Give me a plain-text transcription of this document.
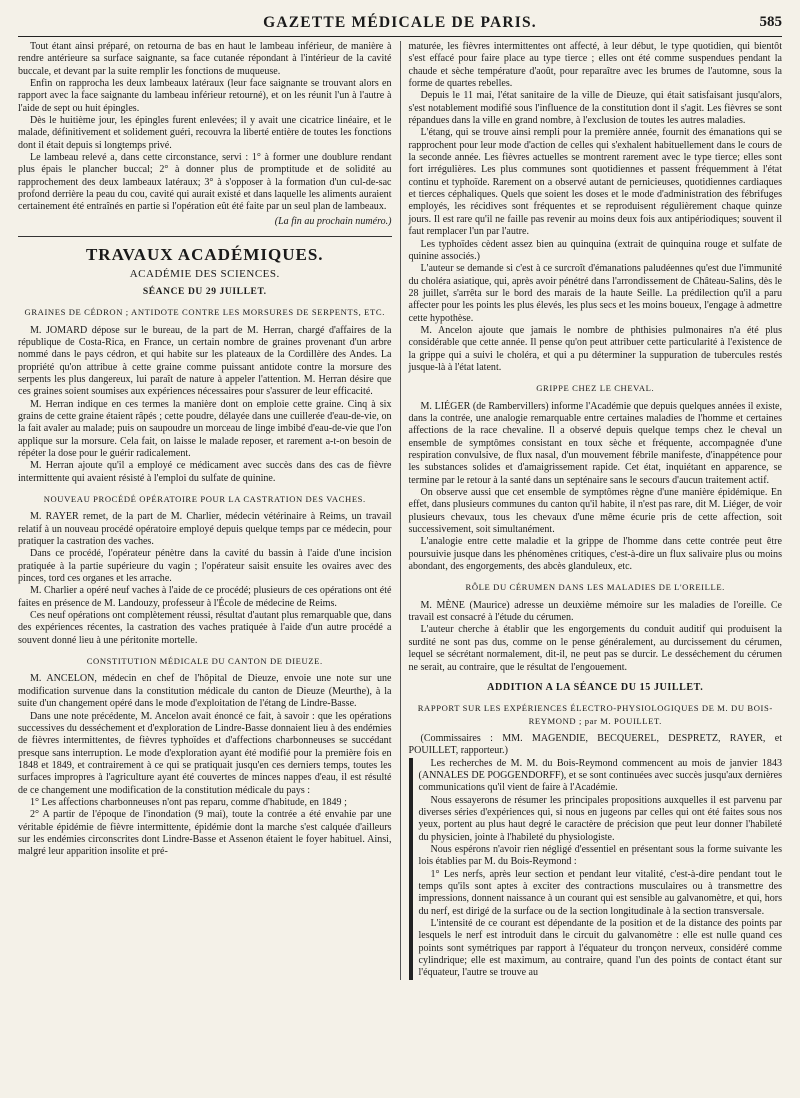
GAZETTE MÉDICALE DE PARIS.	585

Tout étant ainsi préparé, on retourna de bas en haut le lambeau inférieur, de manière à rendre antérieure sa surface saignante, sa face cutanée répondant à l'intérieur de la cavité buccale, et devant par la suite remplir les fonctions de muqueuse.

Enfin on rapprocha les deux lambeaux latéraux (leur face saignante se trouvant alors en rapport avec la face saignante du lambeau inférieur retourné), et on les réunit l'un à l'autre à l'aide de sept ou huit épingles.

Dès le huitième jour, les épingles furent enlevées; il y avait une cicatrice linéaire, et le malade, définitivement et solidement guéri, recouvra la liberté entière de toutes les fonctions dont il était depuis si longtemps privé.

Le lambeau relevé a, dans cette circonstance, servi : 1° à former une doublure rendant plus épais le plancher buccal; 2° à donner plus de promptitude et de solidité au rapprochement des deux lambeaux latéraux; 3° à s'opposer à la formation d'un cul-de-sac profond derrière la peau du cou, cavité qui aurait existé et dans laquelle les aliments auraient certainement été entraînés en partie si l'opération eût été faite par un seul plan de lambeaux.

(La fin au prochain numéro.)
TRAVAUX ACADÉMIQUES.
ACADÉMIE DES SCIENCES.
SÉANCE DU 29 JUILLET.
GRAINES DE CÉDRON ; ANTIDOTE CONTRE LES MORSURES DE SERPENTS, ETC.

M. JOMARD dépose sur le bureau, de la part de M. Herran, chargé d'affaires de la république de Costa-Rica, en France, un certain nombre de graines provenant d'un arbre nommé dans le pays cédron, et qui habite sur les plateaux de la Cordillère des Andes. La propriété qu'on attribue à cette graine comme puissant antidote contre la morsure des serpents les plus dangereux, lui paraît de nature à appeler l'attention. M. Herran désire que ces graines soient soumises aux expériences nécessaires pour s'assurer de leur efficacité.

M. Herran indique en ces termes la manière dont on emploie cette graine. Cinq à six grains de cette graine étaient râpés ; cette poudre, délayée dans une cuillerée d'eau-de-vie, on la fait avaler au malade; puis on saupoudre un morceau de linge imbibé d'eau-de-vie que l'on applique sur la morsure. Cela fait, on laisse le malade reposer, et rarement a-t-on besoin de répéter la dose pour le guérir radicalement.

M. Herran ajoute qu'il a employé ce médicament avec succès dans des cas de fièvre intermittente qui avaient résisté à l'emploi du sulfate de quinine.

NOUVEAU PROCÉDÉ OPÉRATOIRE POUR LA CASTRATION DES VACHES.

M. RAYER remet, de la part de M. Charlier, médecin vétérinaire à Reims, un travail relatif à un nouveau procédé opératoire employé depuis quelque temps par ce médecin, pour pratiquer la castration des vaches.

Dans ce procédé, l'opérateur pénètre dans la cavité du bassin à l'aide d'une incision pratiquée à la partie supérieure du vagin ; l'opérateur saisit ensuite les ovaires avec des pinces, tord ces organes et les arrache.

M. Charlier a opéré neuf vaches à l'aide de ce procédé; plusieurs de ces opérations ont été faites en présence de M. Landouzy, professeur à l'École de médecine de Reims.

Ces neuf opérations ont complètement réussi, résultat d'autant plus remarquable que, dans des expériences récentes, la castration des vaches pratiquée à l'aide d'un autre procédé a souvent donné lieu à une péritonite mortelle.

CONSTITUTION MÉDICALE DU CANTON DE DIEUZE.

M. ANCELON, médecin en chef de l'hôpital de Dieuze, envoie une note sur une modification survenue dans la constitution médicale du canton de Dieuze (Meurthe), à la suite d'un changement opéré dans le mode d'exploitation de l'étang de Lindre-Basse.

Dans une note précédente, M. Ancelon avait énoncé ce fait, à savoir : que les opérations successives du desséchement et d'exploration de Lindre-Basse donnaient lieu à des endémies de fièvres intermittentes, de fièvres typhoïdes et d'affections charbonneuses se succédant presque sans interruption. Le mode d'exploration ayant été modifié pour la première fois en 1848 et 1849, et contrairement à ce qui se pratiquait jusqu'en ces derniers temps, toutes les surfaces impropres à l'agriculture ayant été couvertes de minces nappes d'eau, il est résulté de ce changement une modification de la constitution médicale du pays :

1° Les affections charbonneuses n'ont pas reparu, comme d'habitude, en 1849 ;

2° A partir de l'époque de l'inondation (9 mai), toute la contrée a été envahie par une véritable épidémie de fièvre intermittente, épidémie dont la marche s'est calquée d'ailleurs sur les endémies circonscrites dont Lindre-Basse et Assenon étaient le foyer habituel. Ainsi, malgré leur apparition insolite et pré-

maturée, les fièvres intermittentes ont affecté, à leur début, le type quotidien, qui bientôt s'est effacé pour faire place au type tierce ; elles ont été comme suspendues pendant la chaude et sèche température d'août, pour reparaître avec les brumes de l'automne, sous la forme de quartes rebelles.

Depuis le 11 mai, l'état sanitaire de la ville de Dieuze, qui était satisfaisant jusqu'alors, s'est notablement modifié sous l'influence de la constitution dont il s'agit. Les fièvres se sont répandues dans la ville en grand nombre, à l'exclusion de toutes les autres maladies.

L'étang, qui se trouve ainsi rempli pour la première année, fournit des émanations qui se rapprochent pour leur mode d'action de celles qui s'exhalent habituellement dans le cours de la seconde année. Les fièvres actuelles se montrent rarement avec le type tierce; elles sont fort irrégulières. Les plus communes sont quotidiennes et passent fréquemment à l'état continu et typhoïde. Rarement on a observé autant de pernicieuses, quotidiennes cardiaques et tierces céphaliques. Quels que soient les doses et le mode d'administration des fébrifuges employés, les récidives sont fréquentes et se reproduisent régulièrement chaque quinze jours. Il est rare qu'il ne faille pas revenir au moins deux fois aux antipériodiques; souvent il faut remplacer l'un par l'autre.

Les typhoïdes cèdent assez bien au quinquina (extrait de quinquina rouge et sulfate de quinine associés.)

L'auteur se demande si c'est à ce surcroît d'émanations paludéennes qu'est due l'immunité du choléra asiatique, qui, après avoir pénétré dans l'arrondissement de Château-Salins, dès le 28 juillet, s'arrêta sur le bord des marais de la haute Seille. La prédilection qu'il a paru affecter pour les points les plus élevés, les plus secs et les moins boueux, l'engage à admettre cette hypothèse.

M. Ancelon ajoute que jamais le nombre de phthisies pulmonaires n'a été plus considérable que cette année. Il pense qu'on peut attribuer cette particularité à l'existence de la grippe qui a suivi le choléra, et qui a pu déterminer la suppuration de tubercules restés jusque-là à l'état latent.

GRIPPE CHEZ LE CHEVAL.

M. LIÉGER (de Rambervillers) informe l'Académie que depuis quelques années il existe, dans la contrée, une analogie remarquable entre certaines maladies de l'homme et certaines affections de la race chevaline. Il a observé depuis quelque temps chez le cheval un ensemble de symptômes consistant en toux sèche et fréquente, accompagnée d'une respiration convulsive, de flux nasal, d'un mouvement fébrile manifeste, d'inappétence pour les substances solides et d'amaigrissement rapide. Cet état, inquiétant en apparence, se termine par le retour à la santé dans un septénaire sans le secours d'aucun traitement actif.

On observe aussi que cet ensemble de symptômes règne d'une manière épidémique. En effet, dans plusieurs communes du canton qu'il habite, il n'est pas rare, dit M. Liéger, de voir plusieurs chevaux, tous les chevaux d'une même écurie pris de cette affection, soit successivement, soit simultanément.

L'analogie entre cette maladie et la grippe de l'homme dans cette contrée peut être poursuivie jusque dans les phénomènes critiques, c'est-à-dire un flux salivaire plus ou moins abondant, des engorgements, des abcès glanduleux, etc.

RÔLE DU CÉRUMEN DANS LES MALADIES DE L'OREILLE.

M. MÈNE (Maurice) adresse un deuxième mémoire sur les maladies de l'oreille. Ce travail est consacré à l'étude du cérumen.

L'auteur cherche à établir que les engorgements du conduit auditif qui produisent la surdité ne sont pas dus, comme on le pense généralement, au durcissement du cérumen, lequel se sécrétant normalement, dit-il, ne peut pas se durcir. Le desséchement du cérumen ne serait, au contraire, que le résultat de l'engouement.

ADDITION A LA SÉANCE DU 15 JUILLET.
RAPPORT SUR LES EXPÉRIENCES ÉLECTRO-PHYSIOLOGIQUES DE M. DU BOIS-REYMOND ; par M. POUILLET.

(Commissaires : MM. MAGENDIE, BECQUEREL, DESPRETZ, RAYER, et POUILLET, rapporteur.)

Les recherches de M. M. du Bois-Reymond commencent au mois de janvier 1843 (ANNALES DE POGGENDORFF), et se sont continuées avec succès jusqu'aux dernières communications qu'il vient de faire à l'Académie.

Nous essayerons de résumer les principales propositions auxquelles il est parvenu par diverses séries d'expériences qui, si nous en jugeons par celles qui ont été faites sous nos yeux, portent au plus haut degré le caractère de précision que peut leur donner l'habileté du physicien, jointe à l'habileté du physiologiste.

Nous espérons n'avoir rien négligé d'essentiel en présentant sous la forme suivante les lois établies par M. du Bois-Reymond :

1° Les nerfs, après leur section et pendant leur vitalité, c'est-à-dire pendant tout le temps qu'ils sont aptes à exciter des contractions musculaires ou à transmettre des impressions, donnent naissance à un courant qui est sensible au galvanomètre, et qui, hors du nerf, est dirigé de la surface ou de la section longitudinale à la section transversale.

L'intensité de ce courant est dépendante de la position et de la distance des points par lesquels le nerf est introduit dans le circuit du galvanomètre : elle est nulle quand ces points sont symétriques par rapport à l'équateur du tronçon nerveux, considéré comme cylindrique; elle est maximum, au contraire, quand l'un des points de contact étant sur l'équateur, l'autre se trouve au
